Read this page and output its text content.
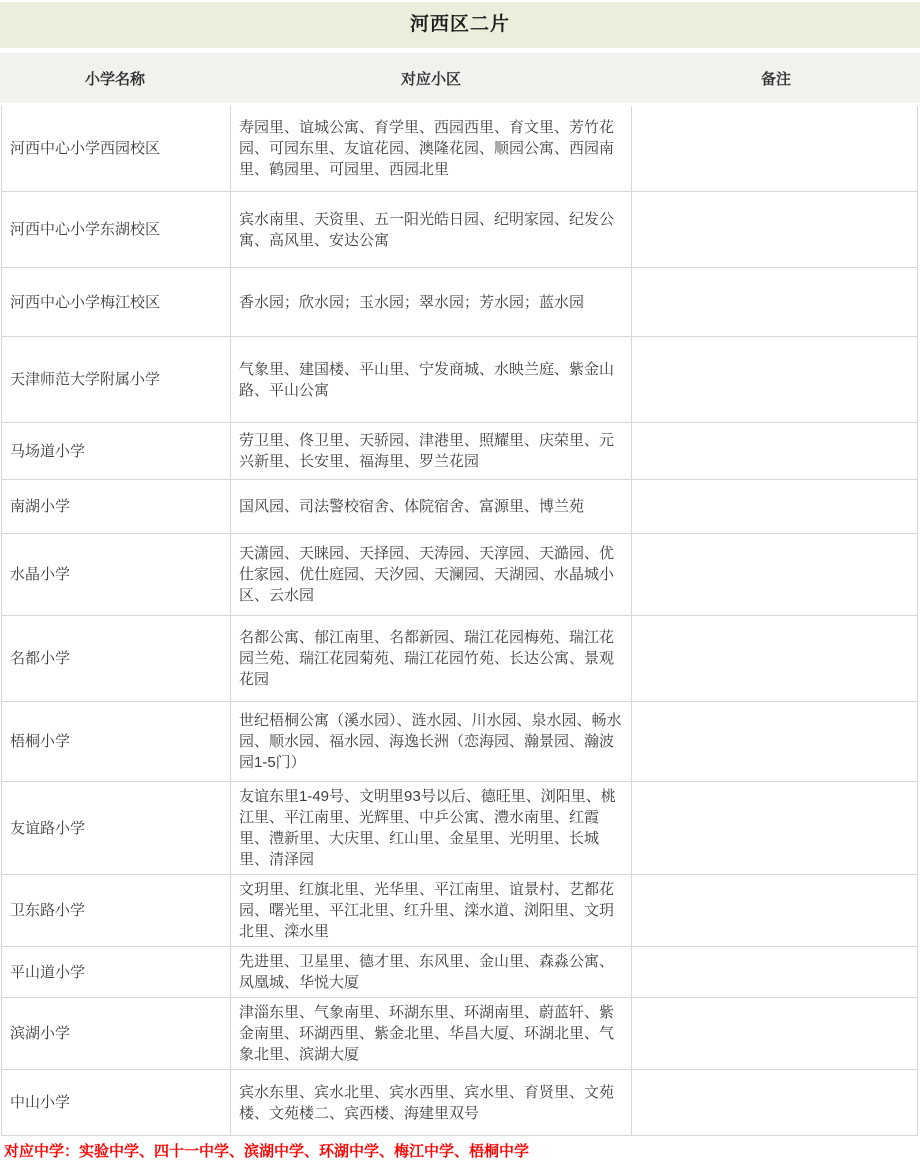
河西区二片
小学名称	对应小区	备注
河西中心小学西园校区	寿园里、谊城公寓、育学里、西园西里、育文里、芳竹花园、可园东里、友谊花园、澳隆花园、顺园公寓、西园南里、鹤园里、可园里、西园北里	
河西中心小学东湖校区	宾水南里、天资里、五一阳光皓日园、纪明家园、纪发公寓、高风里、安达公寓	
河西中心小学梅江校区	香水园；欣水园；玉水园；翠水园；芳水园；蓝水园	
天津师范大学附属小学	气象里、建国楼、平山里、宁发商城、水映兰庭、紫金山路、平山公寓	
马场道小学	劳卫里、佟卫里、天骄园、津港里、照耀里、庆荣里、元兴新里、长安里、福海里、罗兰花园	
南湖小学	国风园、司法警校宿舍、体院宿舍、富源里、博兰苑	
水晶小学	天潇园、天睐园、天择园、天涛园、天淳园、天澔园、优仕家园、优仕庭园、天汐园、天澜园、天湖园、水晶城小区、云水园	
名都小学	名都公寓、郁江南里、名都新园、瑞江花园梅苑、瑞江花园兰苑、瑞江花园菊苑、瑞江花园竹苑、长达公寓、景观花园	
梧桐小学	世纪梧桐公寓（溪水园）、涟水园、川水园、泉水园、畅水园、顺水园、福水园、海逸长洲（恋海园、瀚景园、瀚波园1-5门）	
友谊路小学	友谊东里1-49号、文明里93号以后、德旺里、浏阳里、桃江里、平江南里、光辉里、中乒公寓、澧水南里、红霞里、澧新里、大庆里、红山里、金星里、光明里、长城里、清泽园	
卫东路小学	文玥里、红旗北里、光华里、平江南里、谊景村、艺都花园、曙光里、平江北里、红升里、滦水道、浏阳里、文玥北里、滦水里	
平山道小学	先进里、卫星里、德才里、东风里、金山里、森淼公寓、凤凰城、华悦大厦	
滨湖小学	津淄东里、气象南里、环湖东里、环湖南里、蔚蓝轩、紫金南里、环湖西里、紫金北里、华昌大厦、环湖北里、气象北里、滨湖大厦	
中山小学	宾水东里、宾水北里、宾水西里、宾水里、育贤里、文苑楼、文苑楼二、宾西楼、海建里双号	
对应中学：实验中学、四十一中学、滨湖中学、环湖中学、梅江中学、梧桐中学
